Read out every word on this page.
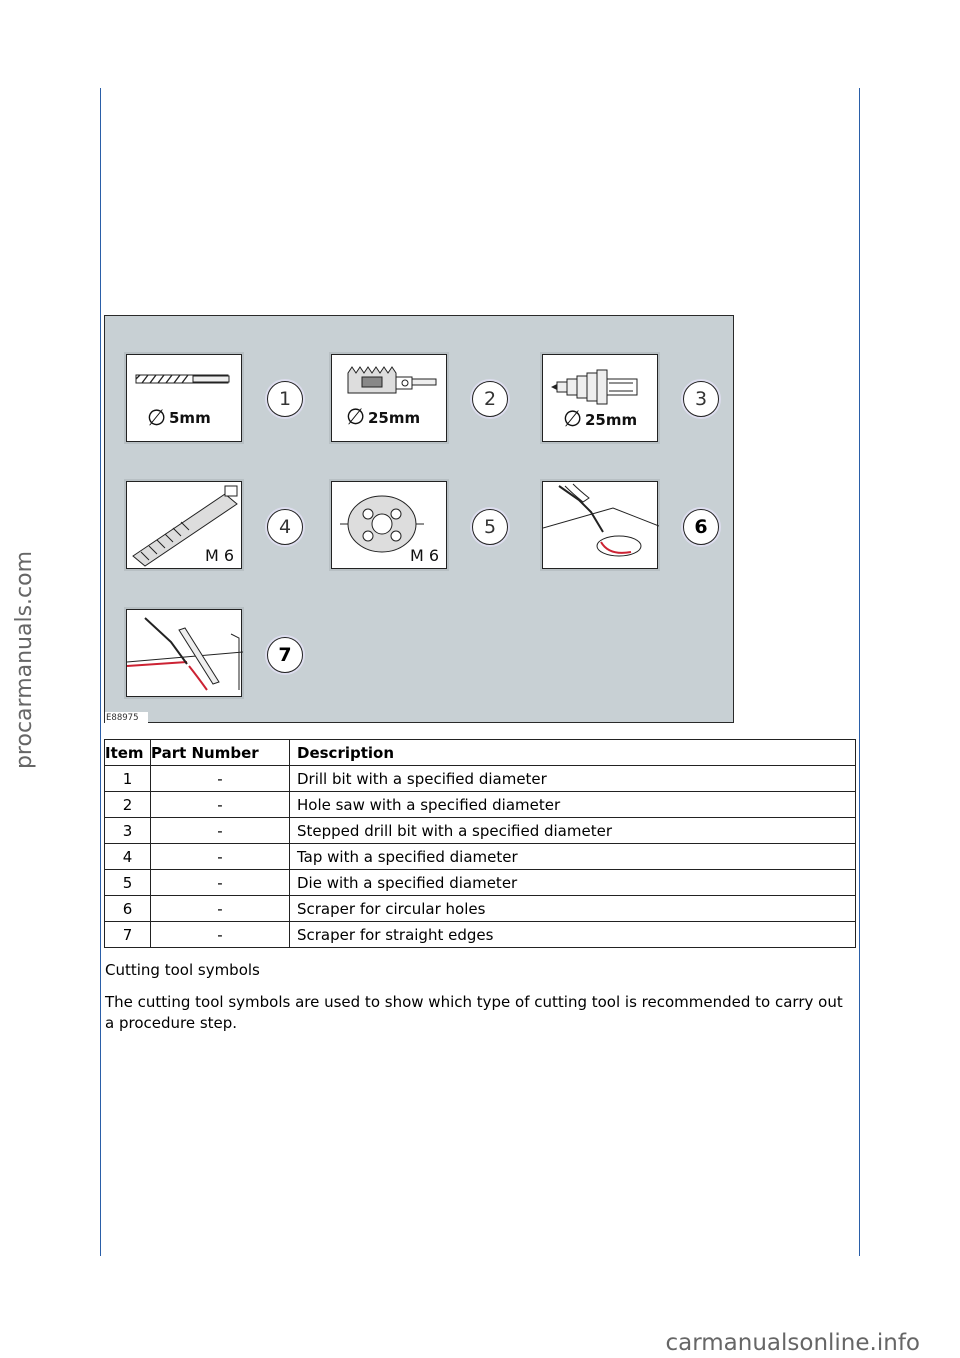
procarmanuals.com
carmanualsonline.info
∅ 5mm
1
∅ 25mm
2
∅ 25mm
3
M 6
4
M 6
5	6
7
E88975
Item	Part Number	Description
1	-	Drill bit with a specified diameter
2	-	Hole saw with a specified diameter
3	-	Stepped drill bit with a specified diameter
4	-	Tap with a specified diameter
5	-	Die with a specified diameter
6	-	Scraper for circular holes
7	-	Scraper for straight edges
Cutting tool symbols
The cutting tool symbols are used to show which type of cutting tool is recommended to carry out a procedure step.
